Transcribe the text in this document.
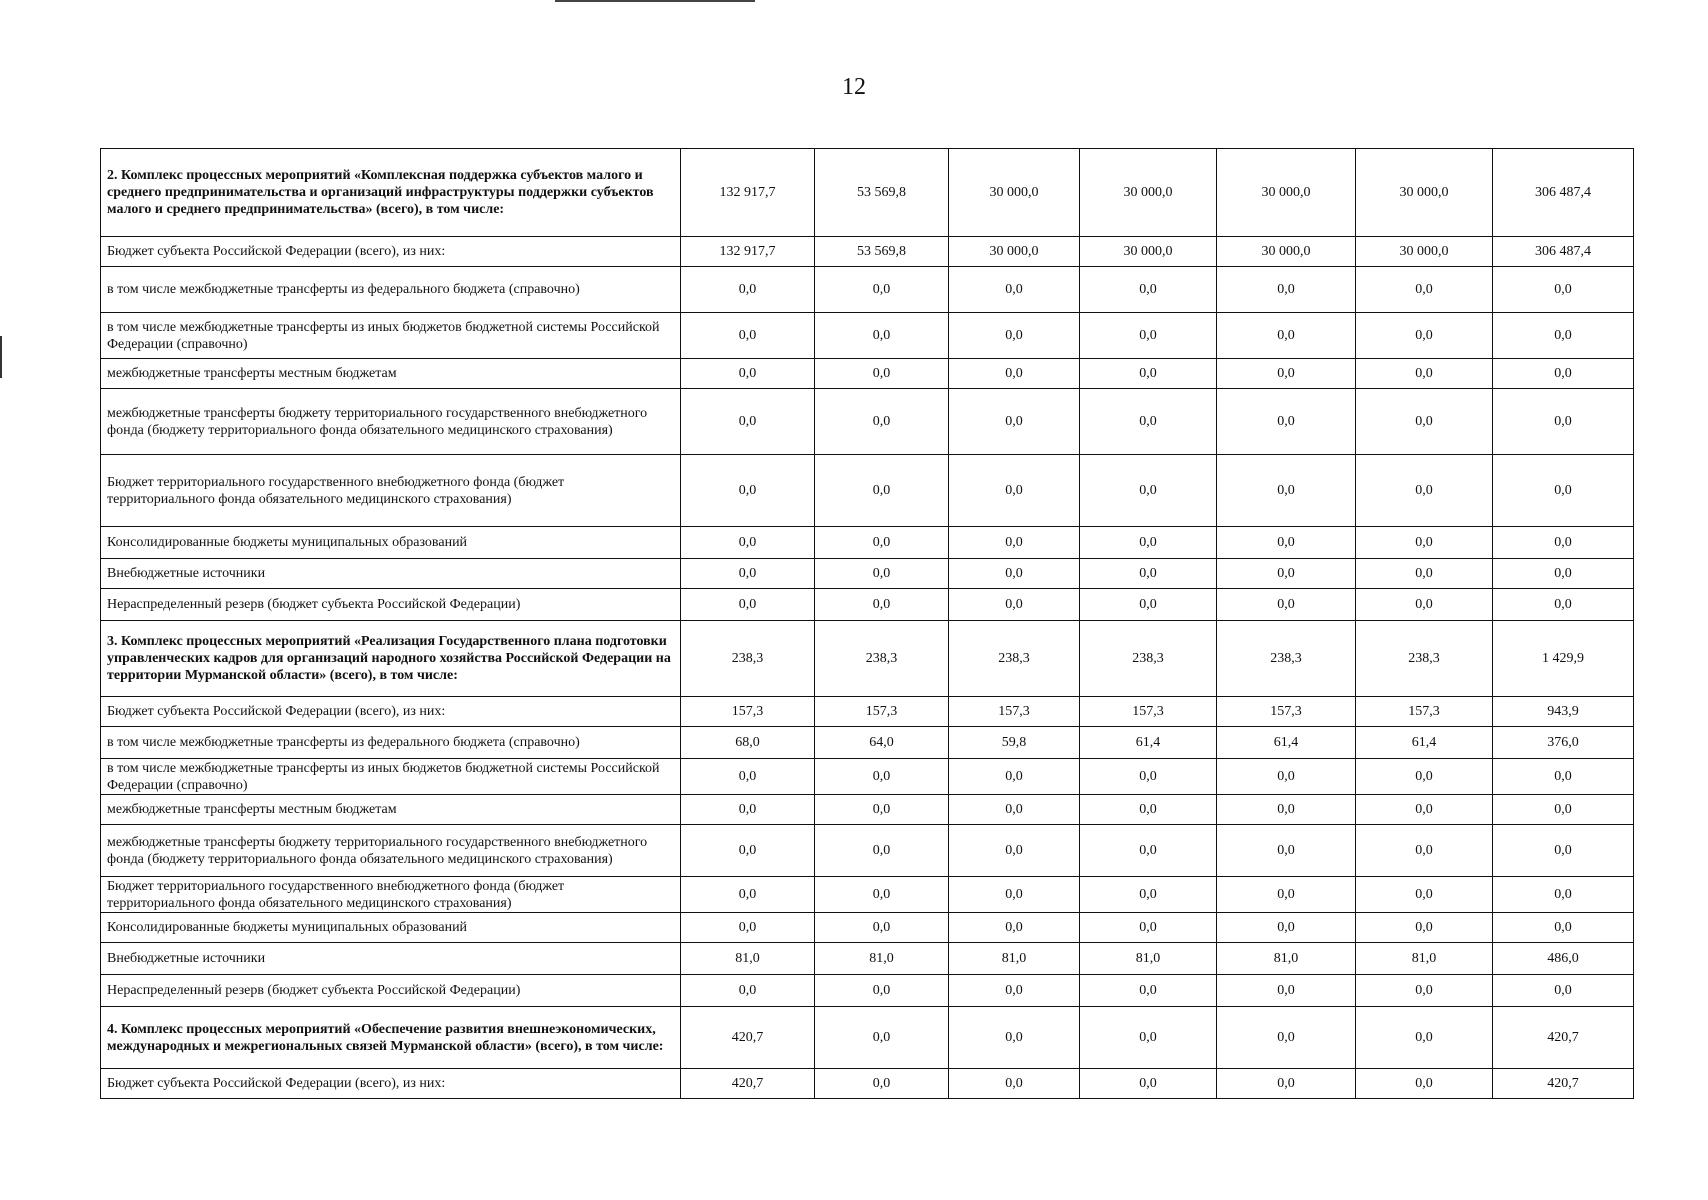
12
2. Комплекс процессных мероприятий «Комплексная поддержка субъектов малого и среднего предпринимательства и организаций инфраструктуры поддержки субъектов малого и среднего предпринимательства» (всего), в том числе:	132 917,7	53 569,8	30 000,0	30 000,0	30 000,0	30 000,0	306 487,4
Бюджет субъекта Российской Федерации (всего), из них:	132 917,7	53 569,8	30 000,0	30 000,0	30 000,0	30 000,0	306 487,4
в том числе межбюджетные трансферты из федерального бюджета (справочно)	0,0	0,0	0,0	0,0	0,0	0,0	0,0
в том числе межбюджетные трансферты из иных бюджетов бюджетной системы Российской Федерации (справочно)	0,0	0,0	0,0	0,0	0,0	0,0	0,0
межбюджетные трансферты местным бюджетам	0,0	0,0	0,0	0,0	0,0	0,0	0,0
межбюджетные трансферты бюджету территориального государственного внебюджетного фонда (бюджету территориального фонда обязательного медицинского страхования)	0,0	0,0	0,0	0,0	0,0	0,0	0,0
Бюджет территориального государственного внебюджетного фонда (бюджет территориального фонда обязательного медицинского страхования)	0,0	0,0	0,0	0,0	0,0	0,0	0,0
Консолидированные бюджеты муниципальных образований	0,0	0,0	0,0	0,0	0,0	0,0	0,0
Внебюджетные источники	0,0	0,0	0,0	0,0	0,0	0,0	0,0
Нераспределенный резерв (бюджет субъекта Российской Федерации)	0,0	0,0	0,0	0,0	0,0	0,0	0,0
3. Комплекс процессных мероприятий «Реализация Государственного плана подготовки управленческих кадров для организаций народного хозяйства Российской Федерации на территории Мурманской области» (всего), в том числе:	238,3	238,3	238,3	238,3	238,3	238,3	1 429,9
Бюджет субъекта Российской Федерации (всего), из них:	157,3	157,3	157,3	157,3	157,3	157,3	943,9
в том числе межбюджетные трансферты из федерального бюджета (справочно)	68,0	64,0	59,8	61,4	61,4	61,4	376,0
в том числе межбюджетные трансферты из иных бюджетов бюджетной системы Российской Федерации (справочно)	0,0	0,0	0,0	0,0	0,0	0,0	0,0
межбюджетные трансферты местным бюджетам	0,0	0,0	0,0	0,0	0,0	0,0	0,0
межбюджетные трансферты бюджету территориального государственного внебюджетного фонда (бюджету территориального фонда обязательного медицинского страхования)	0,0	0,0	0,0	0,0	0,0	0,0	0,0
Бюджет территориального государственного внебюджетного фонда (бюджет территориального фонда обязательного медицинского страхования)	0,0	0,0	0,0	0,0	0,0	0,0	0,0
Консолидированные бюджеты муниципальных образований	0,0	0,0	0,0	0,0	0,0	0,0	0,0
Внебюджетные источники	81,0	81,0	81,0	81,0	81,0	81,0	486,0
Нераспределенный резерв (бюджет субъекта Российской Федерации)	0,0	0,0	0,0	0,0	0,0	0,0	0,0
4. Комплекс процессных мероприятий «Обеспечение развития внешнеэкономических, международных и межрегиональных связей Мурманской области» (всего), в том числе:	420,7	0,0	0,0	0,0	0,0	0,0	420,7
Бюджет субъекта Российской Федерации (всего), из них:	420,7	0,0	0,0	0,0	0,0	0,0	420,7
